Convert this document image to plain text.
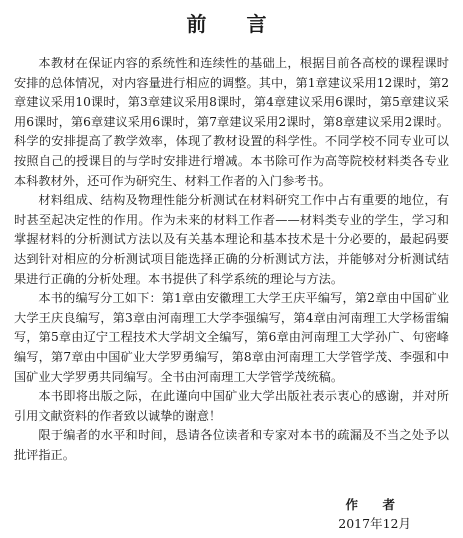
前　言

本教材在保证内容的系统性和连续性的基础上，根据目前各高校的课程课时安排的总体情况，对内容量进行相应的调整。其中，第1章建议采用12课时，第2章建议采用10课时，第3章建议采用8课时，第4章建议采用6课时，第5章建议采用6课时，第6章建议采用6课时，第7章建议采用2课时，第8章建议采用2课时。科学的安排提高了教学效率，体现了教材设置的科学性。不同学校不同专业可以按照自己的授课目的与学时安排进行增减。本书除可作为高等院校材料类各专业本科教材外，还可作为研究生、材料工作者的入门参考书。

材料组成、结构及物理性能分析测试在材料研究工作中占有重要的地位，有时甚至起决定性的作用。作为未来的材料工作者——材料类专业的学生，学习和掌握材料的分析测试方法以及有关基本理论和基本技术是十分必要的，最起码要达到针对相应的分析测试项目能选择正确的分析测试方法，并能够对分析测试结果进行正确的分析处理。本书提供了科学系统的理论与方法。

本书的编写分工如下：第1章由安徽理工大学王庆平编写，第2章由中国矿业大学王庆良编写，第3章由河南理工大学李强编写，第4章由河南理工大学杨雷编写，第5章由辽宁工程技术大学胡文全编写，第6章由河南理工大学孙广、句密峰编写，第7章由中国矿业大学罗勇编写，第8章由河南理工大学管学茂、李强和中国矿业大学罗勇共同编写。全书由河南理工大学管学茂统稿。

本书即将出版之际，在此谨向中国矿业大学出版社表示衷心的感谢，并对所引用文献资料的作者致以诚挚的谢意！

限于编者的水平和时间，恳请各位读者和专家对本书的疏漏及不当之处予以批评指正。

作　者
2017年12月
